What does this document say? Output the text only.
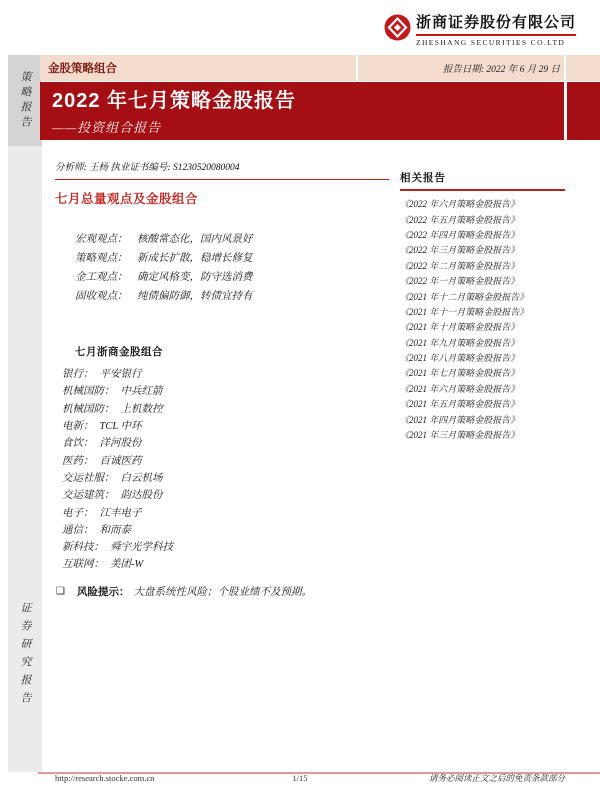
策略报告
证券研究报告
浙商证券股份有限公司
ZHESHANG SECURITIES CO.LTD
金股策略组合	报告日期: 2022 年 6 月 29 日
2022 年七月策略金股报告
——投资组合报告
分析师: 王杨 执业证书编号: S1230520080004
七月总量观点及金股组合
宏观观点： 核酸常态化，国内风景好
策略观点： 新成长扩散，稳增长修复
金工观点： 确定风格变，防守选消费
固收观点： 纯债偏防御，转债宜持有
七月浙商金股组合
银行： 平安银行
机械国防： 中兵红箭
机械国防： 上机数控
电新： TCL 中环
食饮： 洋河股份
医药： 百诚医药
交运社服： 白云机场
交运建筑： 韵达股份
电子： 江丰电子
通信： 和而泰
新科技： 舜宇光学科技
互联网： 美团-W
❑ 风险提示： 大盘系统性风险；个股业绩不及预期。
相关报告
《2022 年六月策略金股报告》
《2022 年五月策略金股报告》
《2022 年四月策略金股报告》
《2022 年三月策略金股报告》
《2022 年二月策略金股报告》
《2022 年一月策略金股报告》
《2021 年十二月策略金股报告》
《2021 年十一月策略金股报告》
《2021 年十月策略金股报告》
《2021 年九月策略金股报告》
《2021 年八月策略金股报告》
《2021 年七月策略金股报告》
《2021 年六月策略金股报告》
《2021 年五月策略金股报告》
《2021 年四月策略金股报告》
《2021 年三月策略金股报告》
http://research.stocke.com.cn	1/15	请务必阅读正文之后的免责条款部分
